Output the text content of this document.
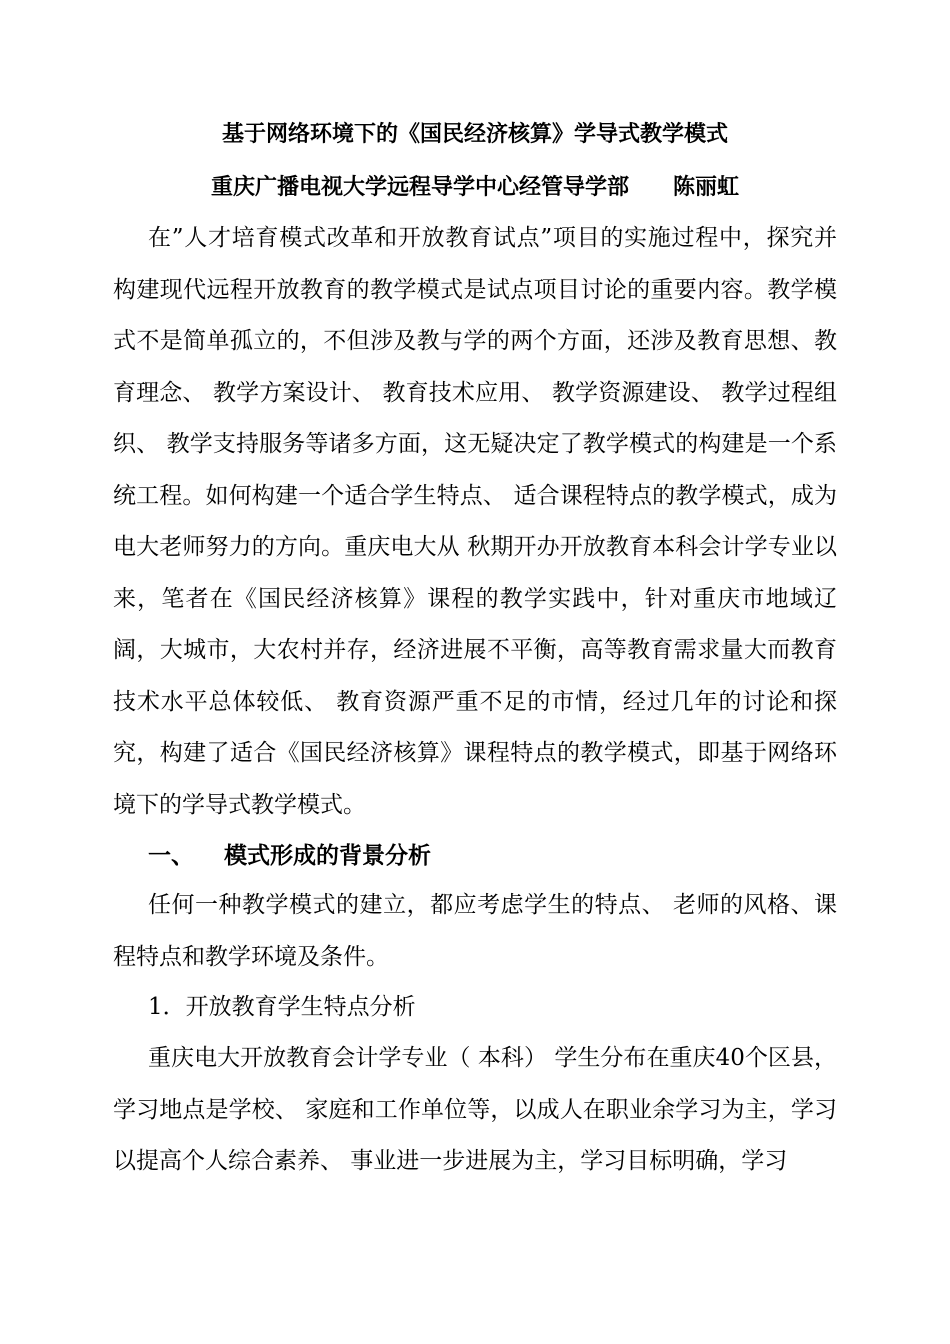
基于网络环境下的《国民经济核算》学导式教学模式
重庆广播电视大学远程导学中心经管导学部 陈丽虹

在”人才培育模式改革和开放教育试点”项目的实施过程中，探究并构建现代远程开放教育的教学模式是试点项目讨论的重要内容。教学模式不是简单孤立的，不但涉及教与学的两个方面，还涉及教育思想、教育理念、 教学方案设计、 教育技术应用、 教学资源建设、 教学过程组织、 教学支持服务等诸多方面，这无疑决定了教学模式的构建是一个系统工程。如何构建一个适合学生特点、 适合课程特点的教学模式，成为电大老师努力的方向。重庆电大从 秋期开办开放教育本科会计学专业以来，笔者在《国民经济核算》课程的教学实践中，针对重庆市地域辽阔，大城市，大农村并存，经济进展不平衡，高等教育需求量大而教育技术水平总体较低、 教育资源严重不足的市情，经过几年的讨论和探究，构建了适合《国民经济核算》课程特点的教学模式，即基于网络环境下的学导式教学模式。

一、 模式形成的背景分析

任何一种教学模式的建立，都应考虑学生的特点、 老师的风格、课程特点和教学环境及条件。

1．开放教育学生特点分析

重庆电大开放教育会计学专业（ 本科） 学生分布在重庆40个区县，学习地点是学校、 家庭和工作单位等，以成人在职业余学习为主，学习以提高个人综合素养、 事业进一步进展为主，学习目标明确，学习
